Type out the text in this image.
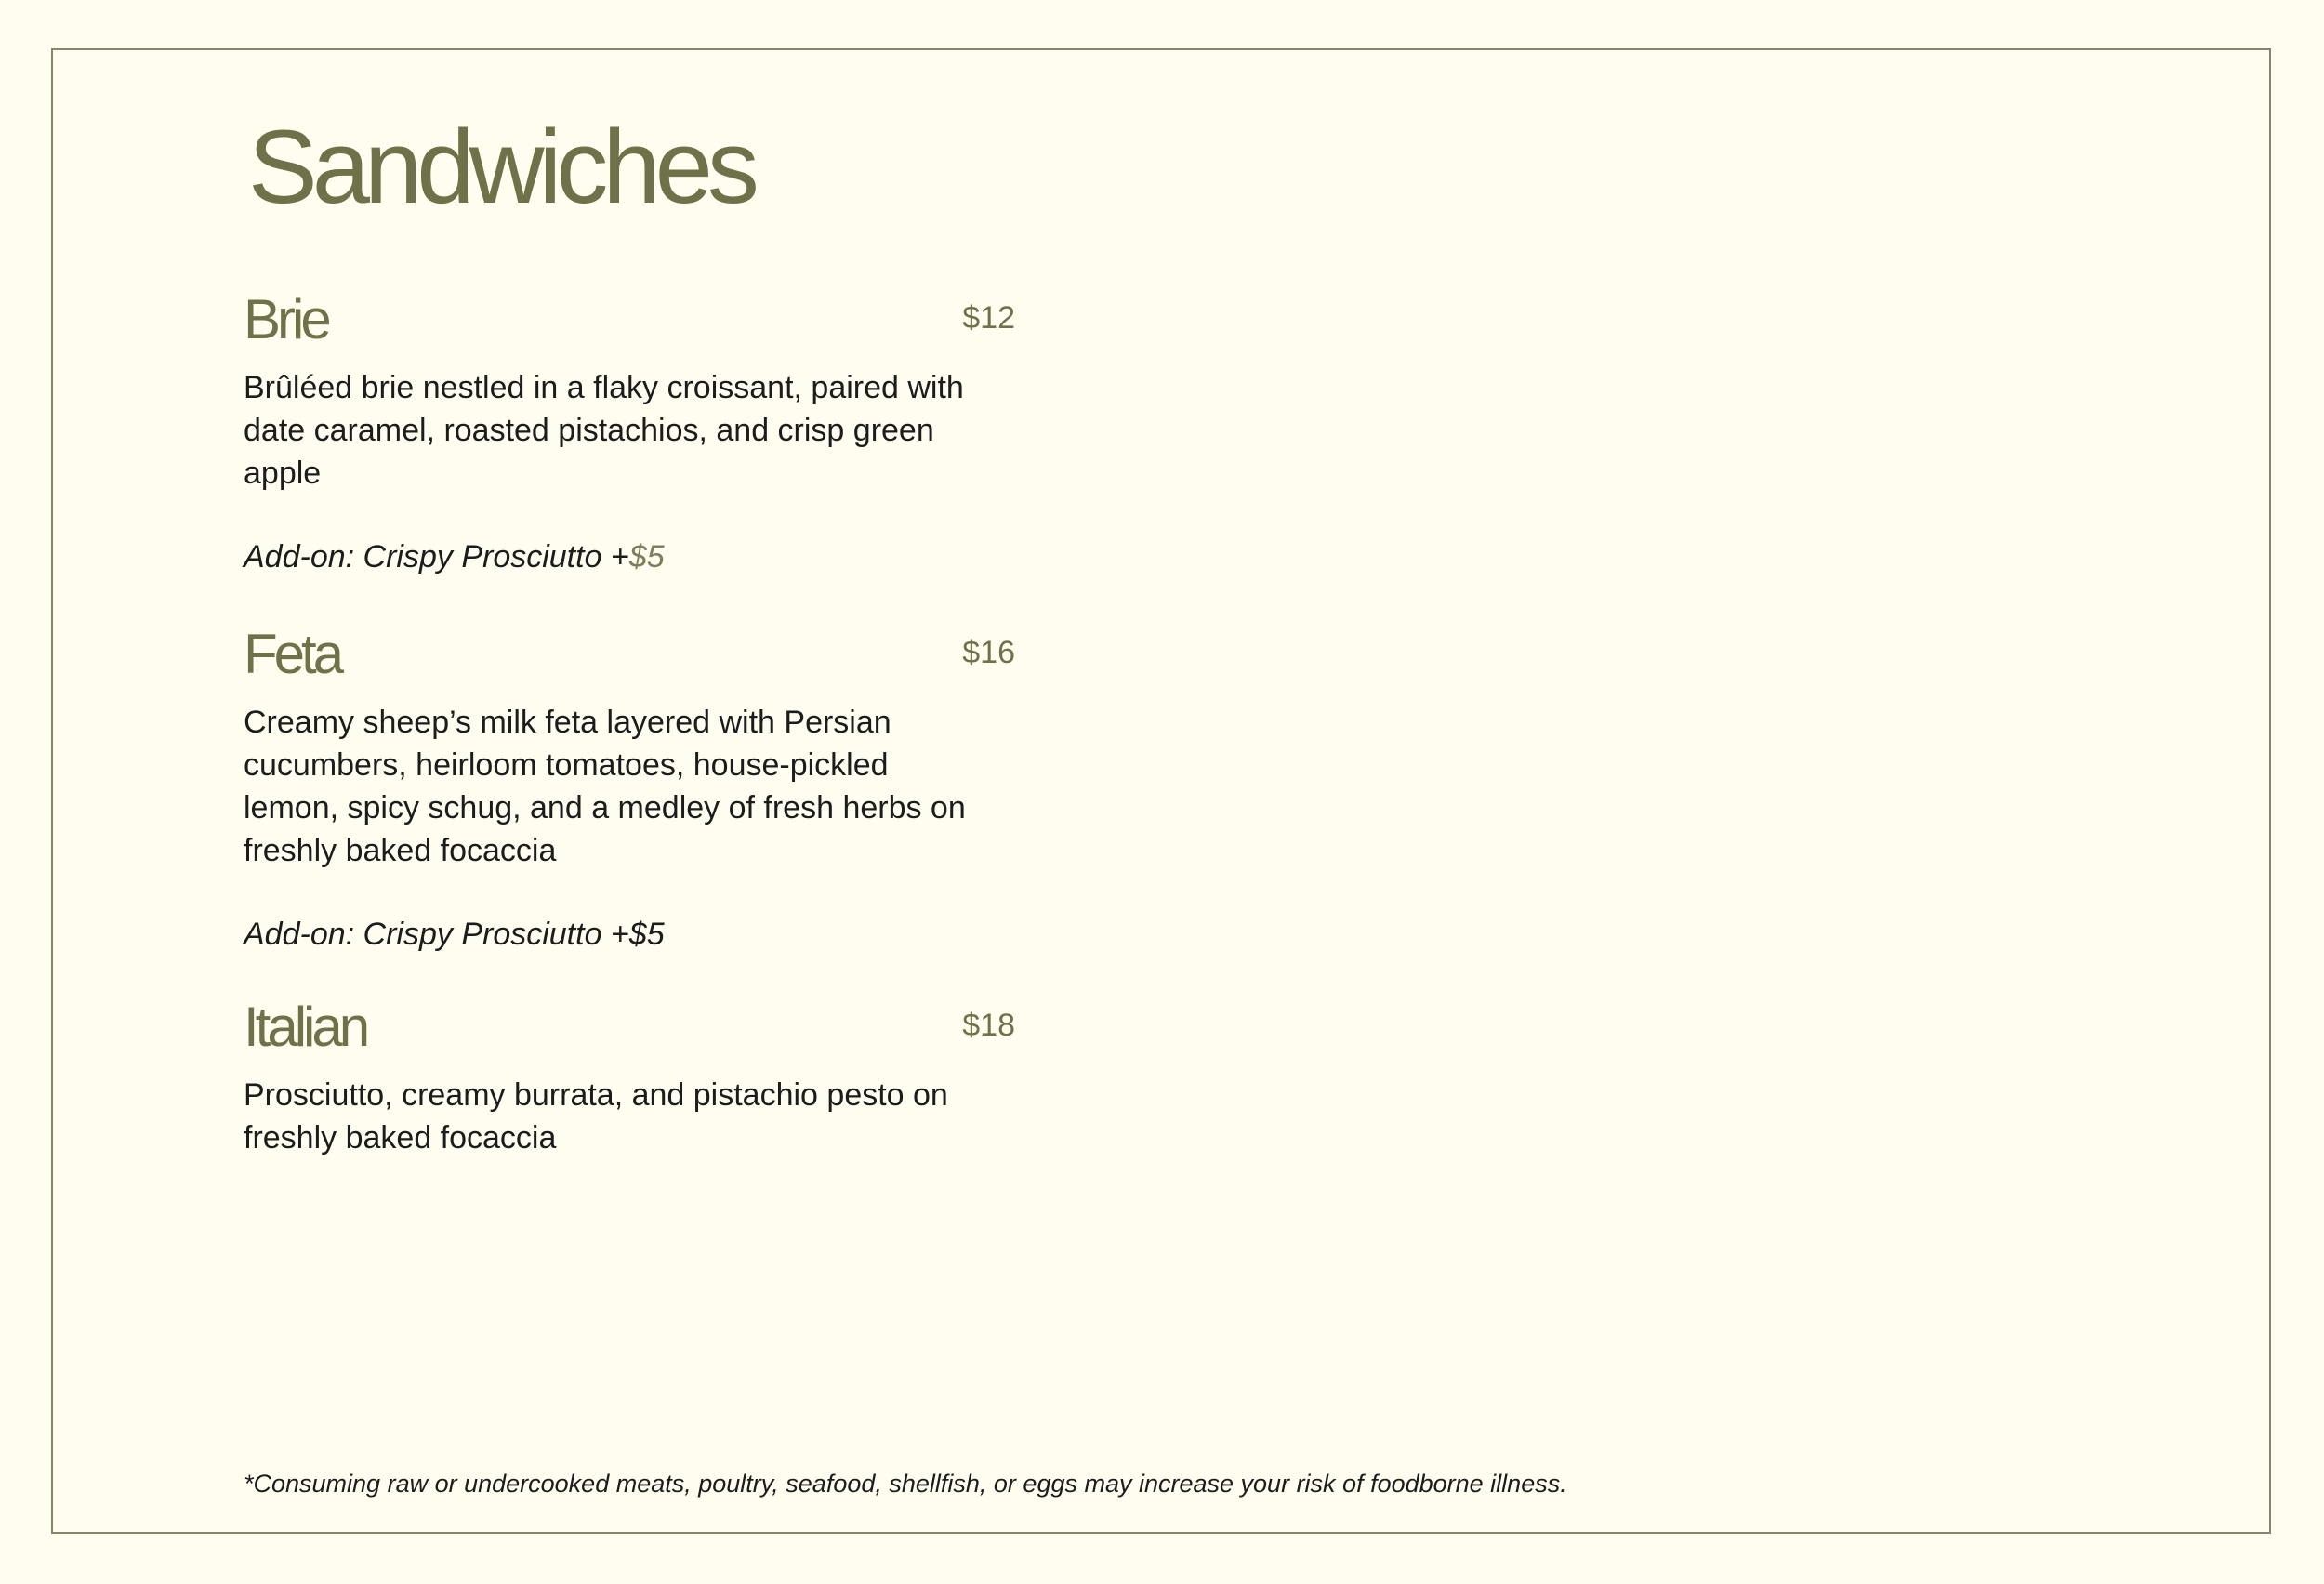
Sandwiches
Brie	$12

Brûléed brie nestled in a flaky croissant, paired with date caramel, roasted pistachios, and crisp green apple

Add-on: Crispy Prosciutto +$5

Feta	$16

Creamy sheep’s milk feta layered with Persian cucumbers, heirloom tomatoes, house-pickled lemon, spicy schug, and a medley of fresh herbs on freshly baked focaccia

Add-on: Crispy Prosciutto +$5

Italian	$18

Prosciutto, creamy burrata, and pistachio pesto on freshly baked focaccia

*Consuming raw or undercooked meats, poultry, seafood, shellfish, or eggs may increase your risk of foodborne illness.
